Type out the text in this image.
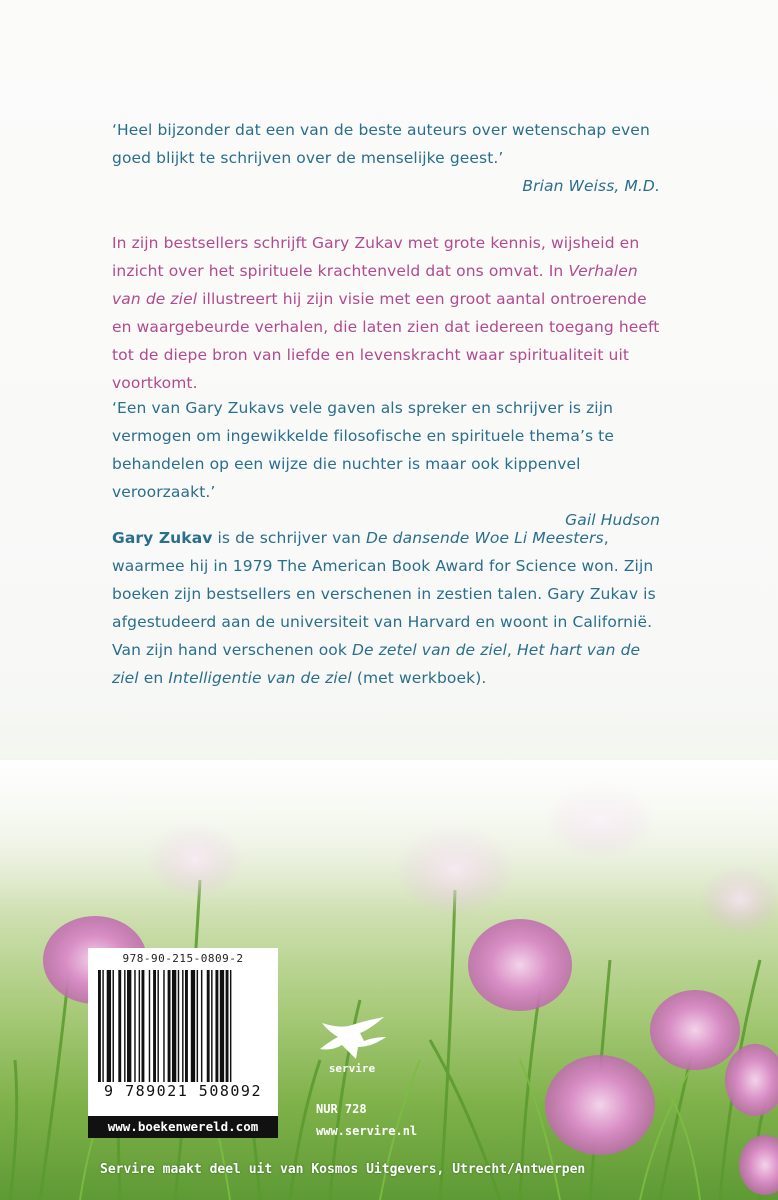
‘Heel bijzonder dat een van de beste auteurs over wetenschap even goed blijkt te schrijven over de menselijke geest.’
Brian Weiss, M.D.
In zijn bestsellers schrijft Gary Zukav met grote kennis, wijsheid en inzicht over het spirituele krachtenveld dat ons omvat. In Verhalen van de ziel illustreert hij zijn visie met een groot aantal ontroerende en waargebeurde verhalen, die laten zien dat iedereen toegang heeft tot de diepe bron van liefde en levenskracht waar spiritualiteit uit voortkomt.
‘Een van Gary Zukavs vele gaven als spreker en schrijver is zijn vermogen om ingewikkelde filosofische en spirituele thema’s te behandelen op een wijze die nuchter is maar ook kippenvel veroorzaakt.’
Gail Hudson
Gary Zukav is de schrijver van De dansende Woe Li Meesters, waarmee hij in 1979 The American Book Award for Science won. Zijn boeken zijn bestsellers en verschenen in zestien talen. Gary Zukav is afgestudeerd aan de universiteit van Harvard en woont in Californië. Van zijn hand verschenen ook De zetel van de ziel, Het hart van de ziel en Intelligentie van de ziel (met werkboek).
978-90-215-0809-2
9 789021 508092
www.boekenwereld.com
servire
NUR 728
www.servire.nl
Servire maakt deel uit van Kosmos Uitgevers, Utrecht/Antwerpen
